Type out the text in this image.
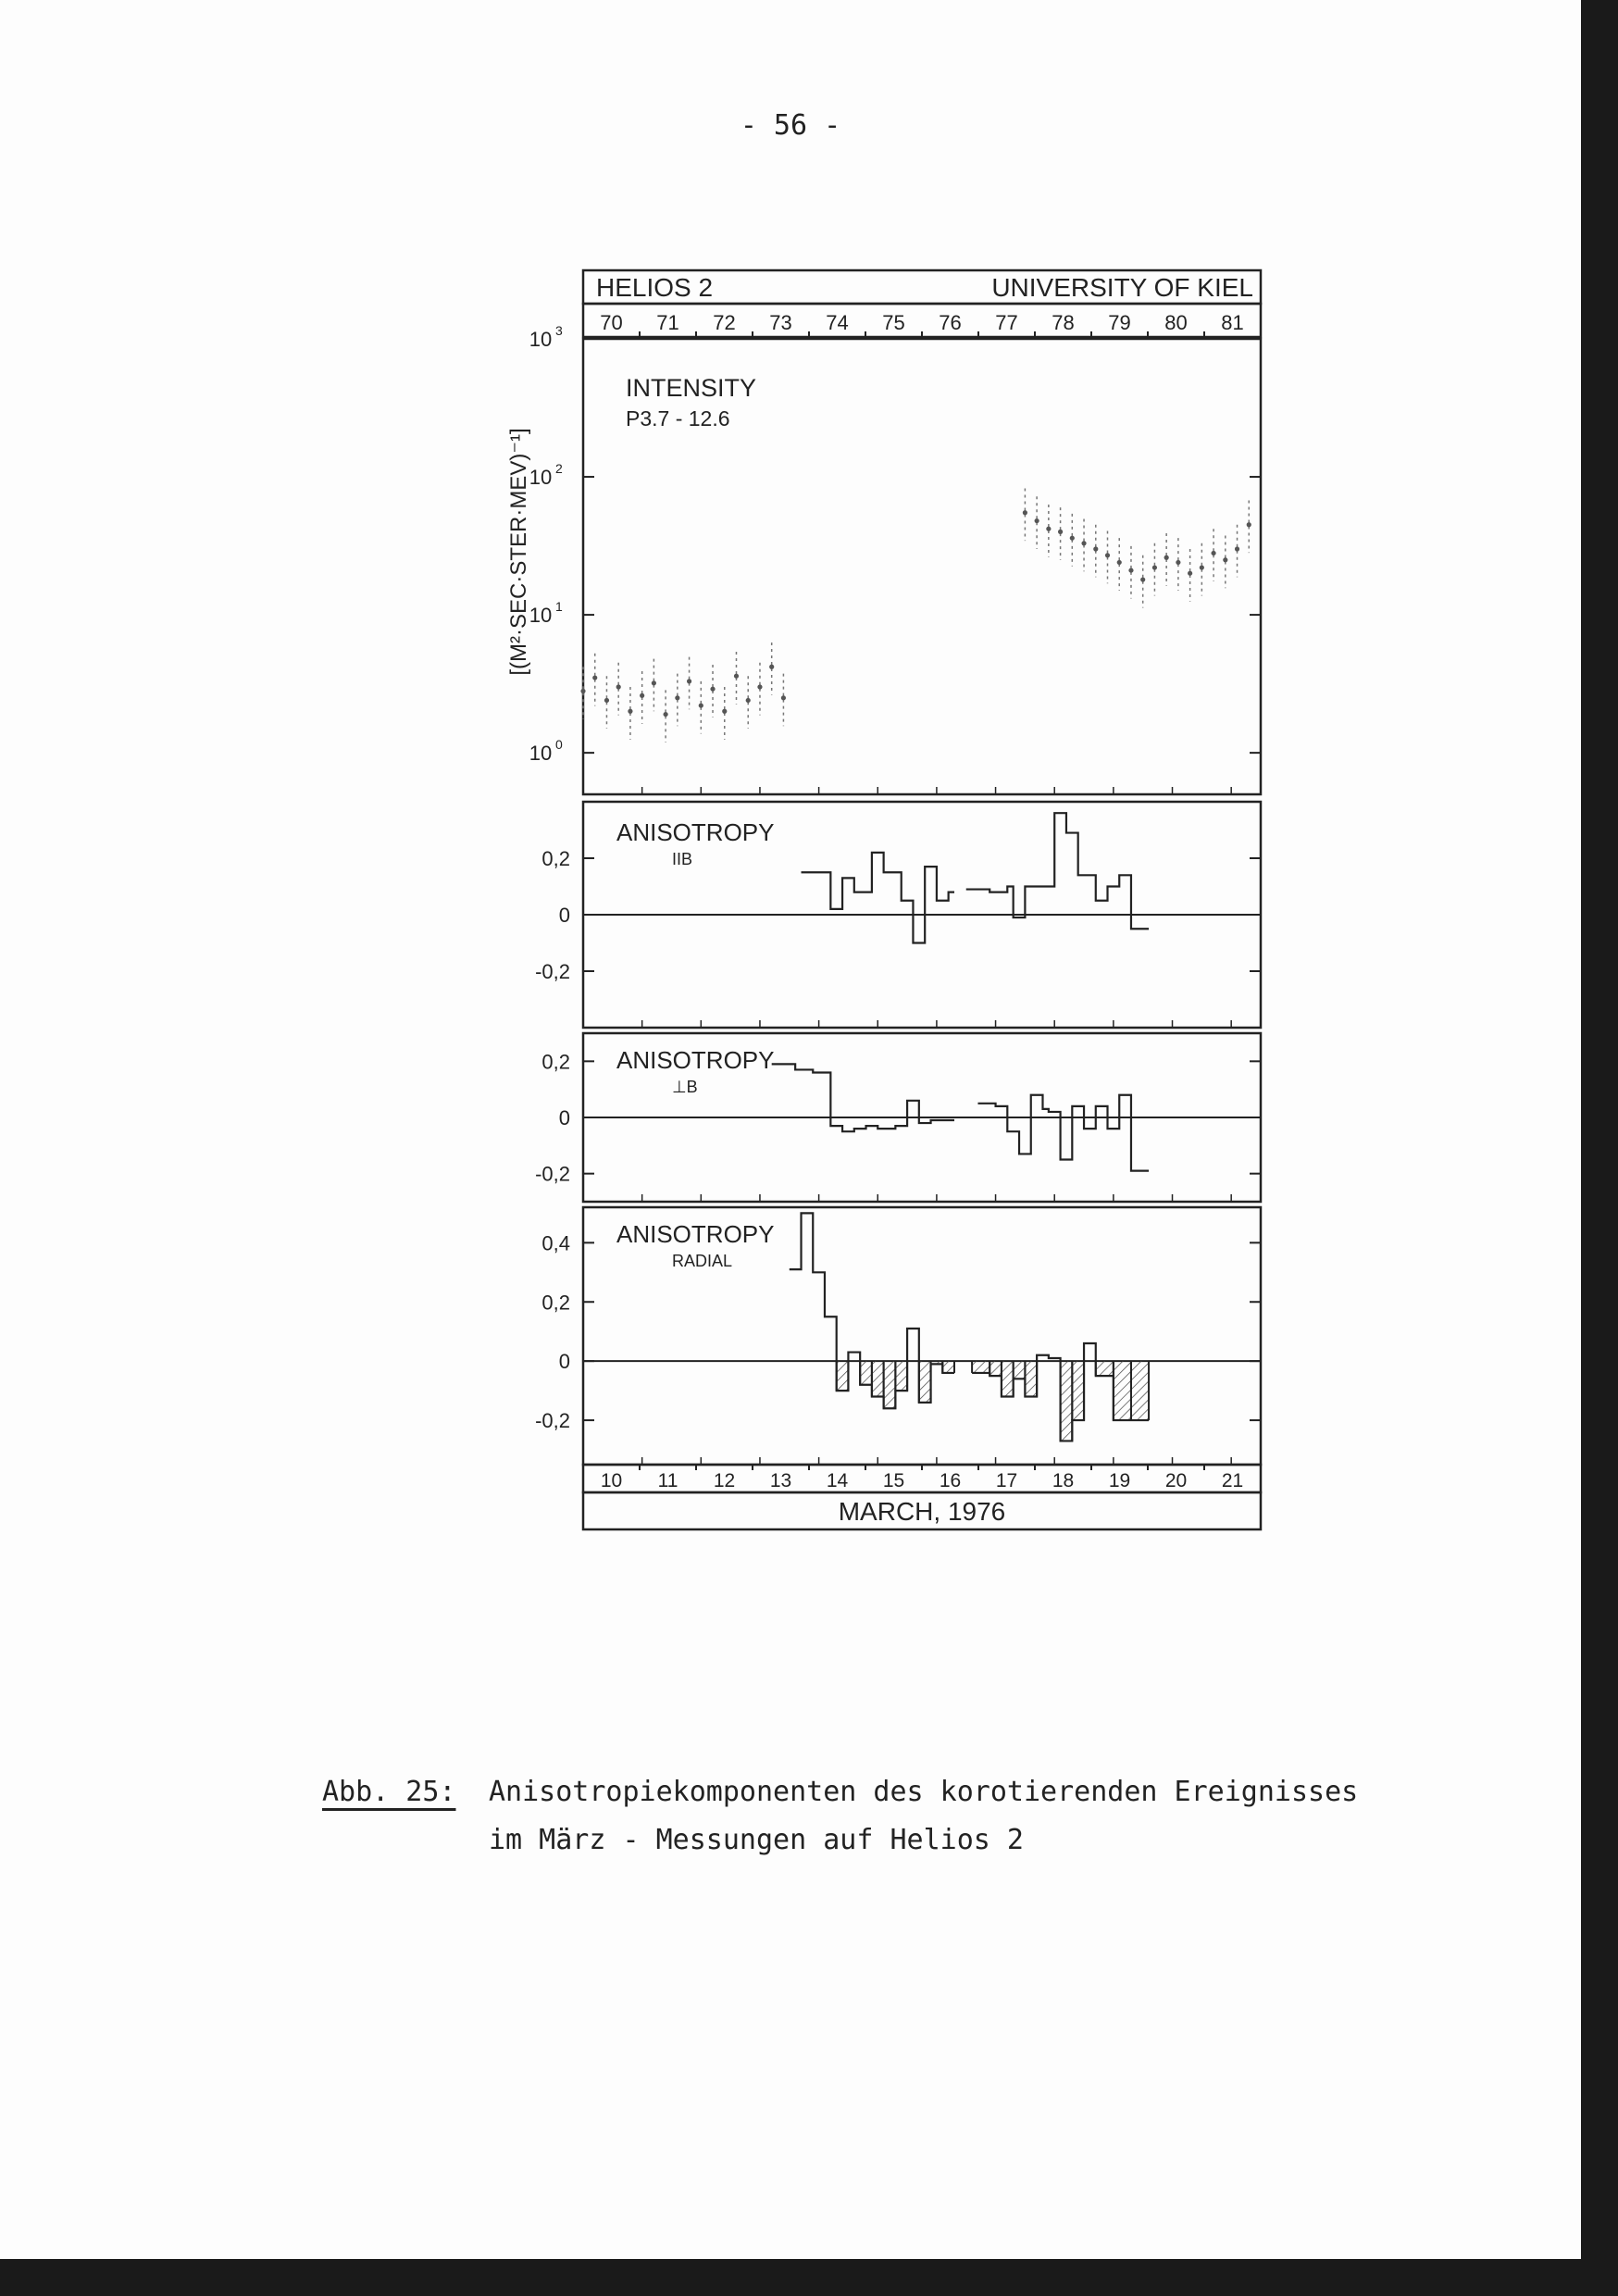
- 56 -
HELIOS 2	UNIVERSITY OF KIEL
70 71 72 73 74 75 76 77 78 79 80 81
10 3
10 2
10 1
10 0
[(M²·SEC·STER·MEV)⁻¹]
INTENSITY
P3.7 - 12.6
0,2
0
-0,2
ANISOTROPY
IIB
0,2
0
-0,2
ANISOTROPY
⊥B
0,4
0,2
0
-0,2
ANISOTROPY
RADIAL
10 11 12 13 14 15 16 17 18 19 20 21
MARCH, 1976
Abb. 25: Anisotropiekomponenten des korotierenden Ereignisses
im März - Messungen auf Helios 2
